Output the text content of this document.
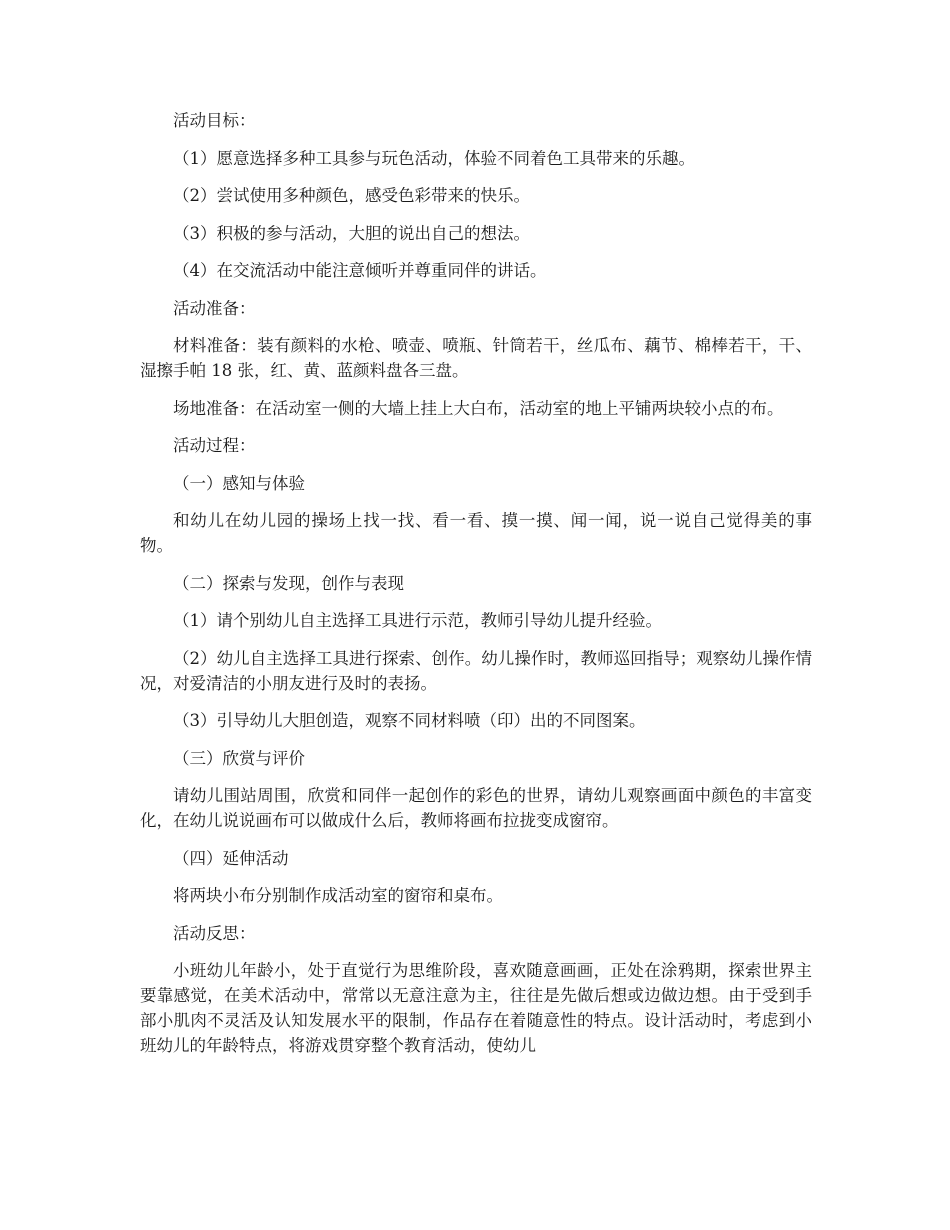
活动目标：

（1）愿意选择多种工具参与玩色活动，体验不同着色工具带来的乐趣。

（2）尝试使用多种颜色，感受色彩带来的快乐。

（3）积极的参与活动，大胆的说出自己的想法。

（4）在交流活动中能注意倾听并尊重同伴的讲话。

活动准备：

材料准备：装有颜料的水枪、喷壶、喷瓶、针筒若干，丝瓜布、藕节、棉棒若干，干、湿擦手帕 18 张，红、黄、蓝颜料盘各三盘。

场地准备：在活动室一侧的大墙上挂上大白布，活动室的地上平铺两块较小点的布。

活动过程：

（一）感知与体验

和幼儿在幼儿园的操场上找一找、看一看、摸一摸、闻一闻，说一说自己觉得美的事物。

（二）探索与发现，创作与表现

（1）请个别幼儿自主选择工具进行示范，教师引导幼儿提升经验。

（2）幼儿自主选择工具进行探索、创作。幼儿操作时，教师巡回指导；观察幼儿操作情况，对爱清洁的小朋友进行及时的表扬。

（3）引导幼儿大胆创造，观察不同材料喷（印）出的不同图案。

（三）欣赏与评价

请幼儿围站周围，欣赏和同伴一起创作的彩色的世界，请幼儿观察画面中颜色的丰富变化，在幼儿说说画布可以做成什么后，教师将画布拉拢变成窗帘。

（四）延伸活动

将两块小布分别制作成活动室的窗帘和桌布。

活动反思：

小班幼儿年龄小，处于直觉行为思维阶段，喜欢随意画画，正处在涂鸦期，探索世界主要靠感觉，在美术活动中，常常以无意注意为主，往往是先做后想或边做边想。由于受到手部小肌肉不灵活及认知发展水平的限制，作品存在着随意性的特点。设计活动时，考虑到小班幼儿的年龄特点，将游戏贯穿整个教育活动，使幼儿
